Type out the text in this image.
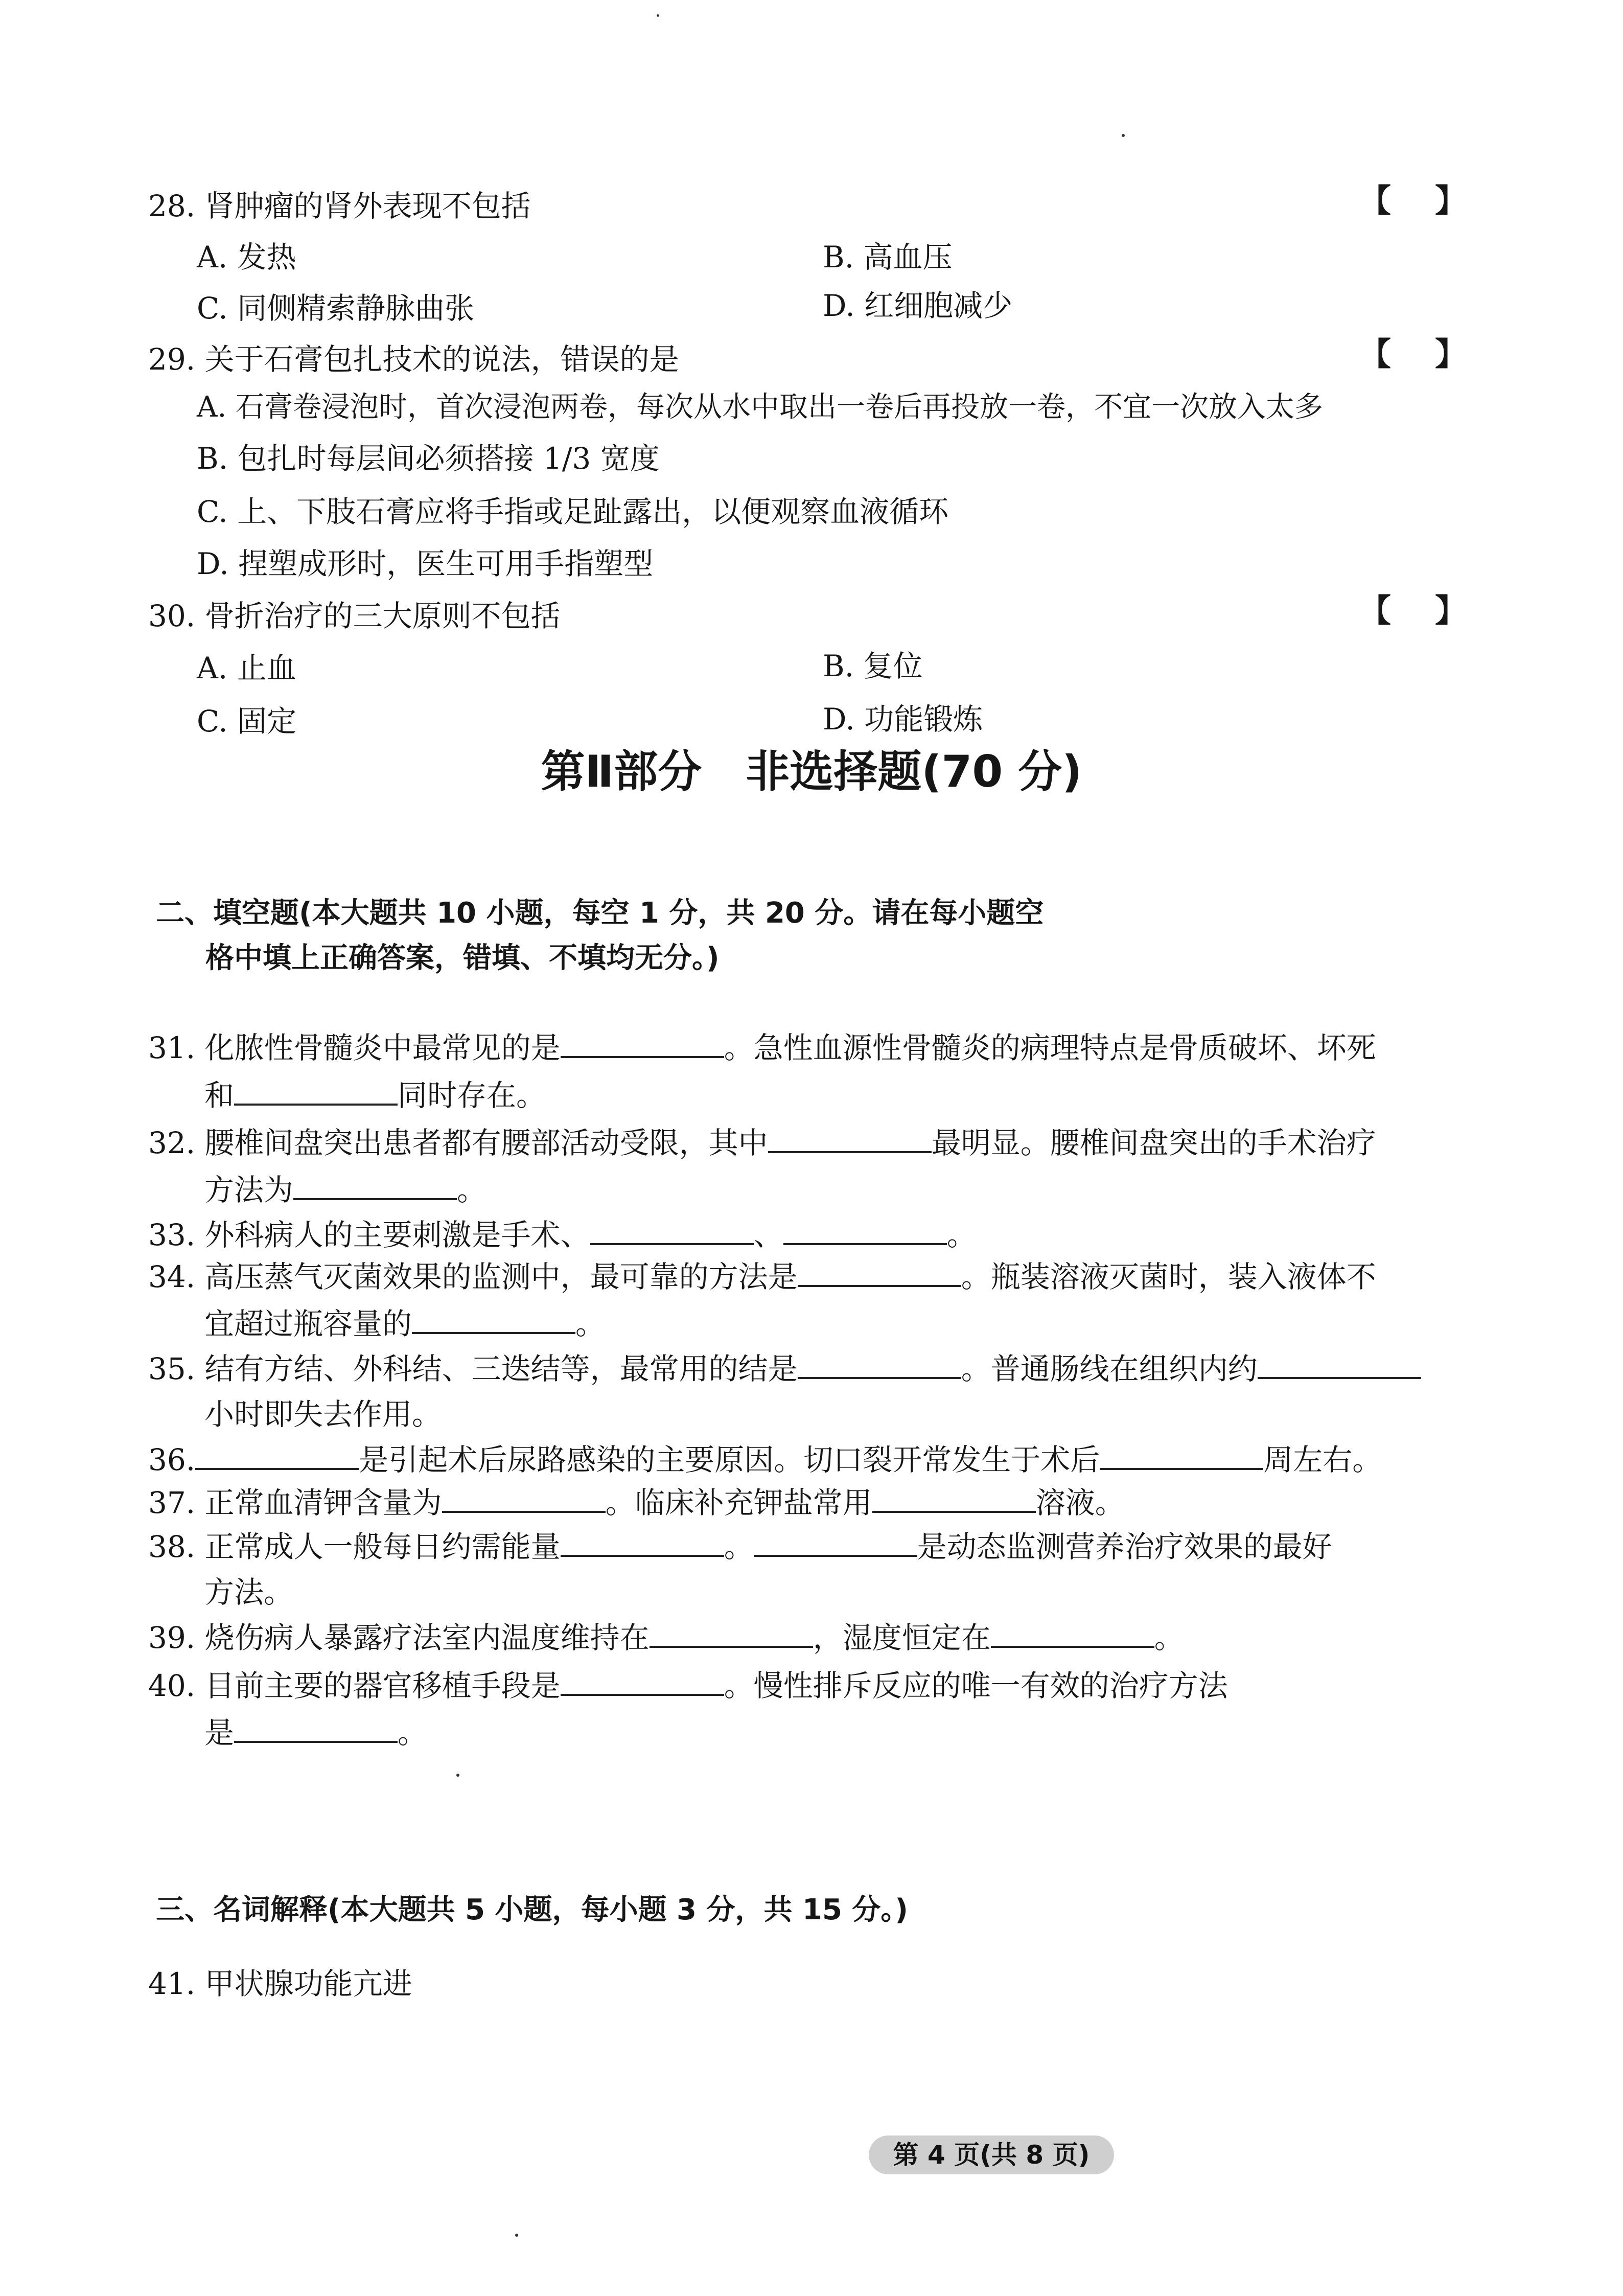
28. 肾肿瘤的肾外表现不包括	【 】
A. 发热	B. 高血压
C. 同侧精索静脉曲张	D. 红细胞减少
29. 关于石膏包扎技术的说法，错误的是	【 】
A. 石膏卷浸泡时，首次浸泡两卷，每次从水中取出一卷后再投放一卷，不宜一次放入太多
B. 包扎时每层间必须搭接 1/3 宽度
C. 上、下肢石膏应将手指或足趾露出，以便观察血液循环
D. 捏塑成形时，医生可用手指塑型
30. 骨折治疗的三大原则不包括	【 】
A. 止血	B. 复位
C. 固定	D. 功能锻炼
第Ⅱ部分　非选择题(70 分)
二、填空题(本大题共 10 小题，每空 1 分，共 20 分。请在每小题空
格中填上正确答案，错填、不填均无分。)
31. 化脓性骨髓炎中最常见的是	。急性血源性骨髓炎的病理特点是骨质破坏、坏死
和	同时存在。
32. 腰椎间盘突出患者都有腰部活动受限，其中	最明显。腰椎间盘突出的手术治疗
方法为	。
33. 外科病人的主要刺激是手术、	、	。
34. 高压蒸气灭菌效果的监测中，最可靠的方法是	。瓶装溶液灭菌时，装入液体不
宜超过瓶容量的	。
35. 结有方结、外科结、三迭结等，最常用的结是	。普通肠线在组织内约
小时即失去作用。
36.	是引起术后尿路感染的主要原因。切口裂开常发生于术后	周左右。
37. 正常血清钾含量为	。临床补充钾盐常用	溶液。
38. 正常成人一般每日约需能量	。	是动态监测营养治疗效果的最好
方法。
39. 烧伤病人暴露疗法室内温度维持在	，湿度恒定在	。
40. 目前主要的器官移植手段是	。慢性排斥反应的唯一有效的治疗方法
是	。
三、名词解释(本大题共 5 小题，每小题 3 分，共 15 分。)
41. 甲状腺功能亢进
第 4 页(共 8 页)
